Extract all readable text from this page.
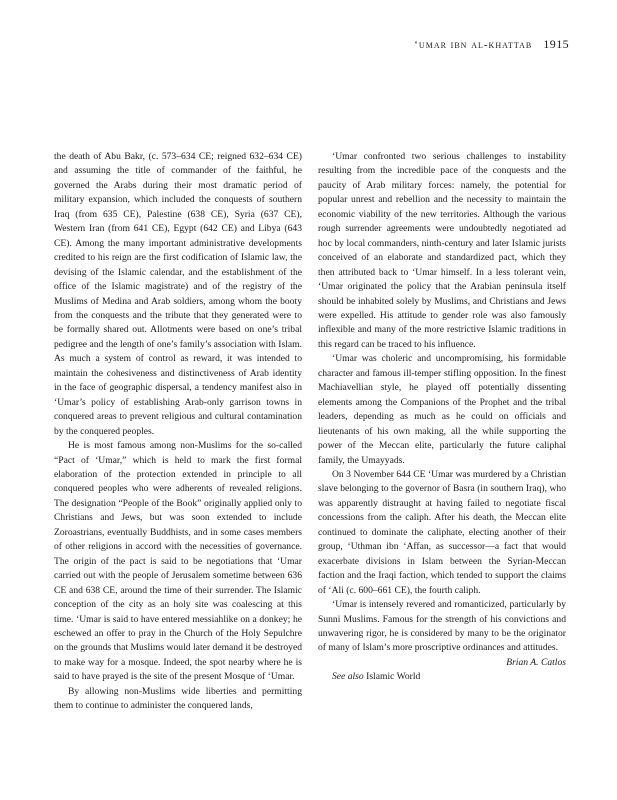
‘umar ibn al-khattab 1915

the death of Abu Bakr, (c. 573–634 CE; reigned 632–634 CE) and assuming the title of commander of the faithful, he governed the Arabs during their most dramatic period of military expansion, which included the conquests of southern Iraq (from 635 CE), Palestine (638 CE), Syria (637 CE), Western Iran (from 641 CE), Egypt (642 CE) and Libya (643 CE). Among the many important administrative developments credited to his reign are the first codification of Islamic law, the devising of the Islamic calendar, and the establishment of the office of the Islamic magistrate) and of the registry of the Muslims of Medina and Arab soldiers, among whom the booty from the conquests and the tribute that they generated were to be formally shared out. Allotments were based on one’s tribal pedigree and the length of one’s family’s association with Islam. As much a system of control as reward, it was intended to maintain the cohesiveness and distinctiveness of Arab identity in the face of geographic dispersal, a tendency manifest also in ‘Umar’s policy of establishing Arab-only garrison towns in conquered areas to prevent religious and cultural contamination by the conquered peoples.

He is most famous among non-Muslims for the so-called “Pact of ‘Umar,” which is held to mark the first formal elaboration of the protection extended in principle to all conquered peoples who were adherents of revealed religions. The designation “People of the Book” originally applied only to Christians and Jews, but was soon extended to include Zoroastrians, eventually Buddhists, and in some cases members of other religions in accord with the necessities of governance. The origin of the pact is said to be negotiations that ‘Umar carried out with the people of Jerusalem sometime between 636 CE and 638 CE, around the time of their surrender. The Islamic conception of the city as an holy site was coalescing at this time. ‘Umar is said to have entered messiahlike on a donkey; he eschewed an offer to pray in the Church of the Holy Sepulchre on the grounds that Muslims would later demand it be destroyed to make way for a mosque. Indeed, the spot nearby where he is said to have prayed is the site of the present Mosque of ‘Umar.

By allowing non-Muslims wide liberties and permitting them to continue to administer the conquered lands,

‘Umar confronted two serious challenges to instability resulting from the incredible pace of the conquests and the paucity of Arab military forces: namely, the potential for popular unrest and rebellion and the necessity to maintain the economic viability of the new territories. Although the various rough surrender agreements were undoubtedly negotiated ad hoc by local commanders, ninth-century and later Islamic jurists conceived of an elaborate and standardized pact, which they then attributed back to ‘Umar himself. In a less tolerant vein, ‘Umar originated the policy that the Arabian peninsula itself should be inhabited solely by Muslims, and Christians and Jews were expelled. His attitude to gender role was also famously inflexible and many of the more restrictive Islamic traditions in this regard can be traced to his influence.

‘Umar was choleric and uncompromising, his formidable character and famous ill-temper stifling opposition. In the finest Machiavellian style, he played off potentially dissenting elements among the Companions of the Prophet and the tribal leaders, depending as much as he could on officials and lieutenants of his own making, all the while supporting the power of the Meccan elite, particularly the future caliphal family, the Umayyads.

On 3 November 644 CE ‘Umar was murdered by a Christian slave belonging to the governor of Basra (in southern Iraq), who was apparently distraught at having failed to negotiate fiscal concessions from the caliph. After his death, the Meccan elite continued to dominate the caliphate, electing another of their group, ‘Uthman ibn ‘Affan, as successor—a fact that would exacerbate divisions in Islam between the Syrian-Meccan faction and the Iraqi faction, which tended to support the claims of ‘Ali (c. 600–661 CE), the fourth caliph.

‘Umar is intensely revered and romanticized, particularly by Sunni Muslims. Famous for the strength of his convictions and unwavering rigor, he is considered by many to be the originator of many of Islam’s more proscriptive ordinances and attitudes.

Brian A. Catlos

See also Islamic World
